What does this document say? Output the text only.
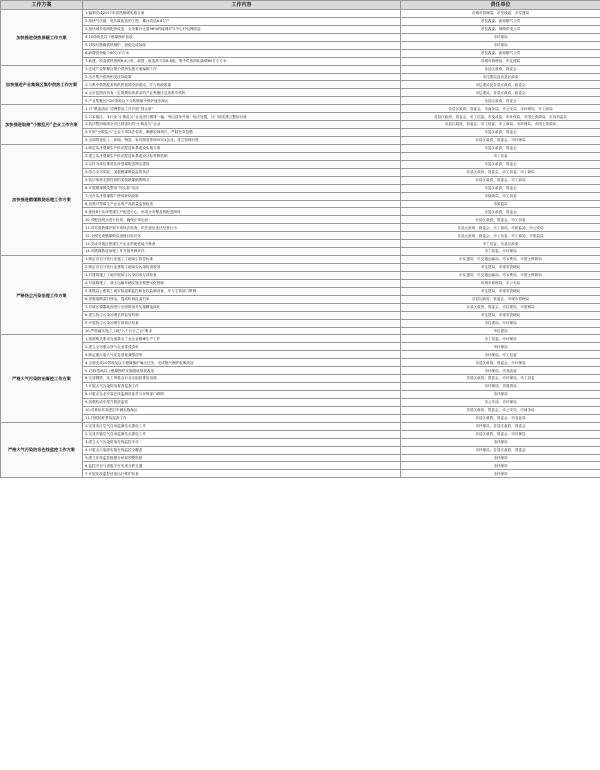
工作方案	工作内容	责任单位
加快推进供热保暖工作方案	1.编制完成2017年供热保暖实施方案	市城市管理局，市发改委，市住建局
	2.加快气代煤、电代煤改造的工程，累计改造6.6万户	市发改委，新奥燃气公司
	3.加快城乡电网配套改造，全市累计完成96%的接网村与中心村电网改造	市发改委，国网供电公司
	4.10蒸吨及以下燃煤锅炉拆改	市环保局
	5.对现有燃煤供热锅炉，督促完成拆改	市环保局
	6.新增供热能力60万平方米	市发改委，新奥燃气公司
	7.新建、改造供热管网8.6公里，新建、改造热力站6.8座，集中供热面积新增60万平方米	市城市管理局，市住建局
加快推进产业集聚区集中供热工作方案	1.完成产业集聚区集中供热实施方案编制工作	各县区政府，管委会
	2.出台集中供热相关扶持政策	市住建局及各县区政府
	3.与集中供热配套的供热管网全部建成，并与热源联通	市住建局及各县区政府，管委会
	4.全市范围内具有一定规模用热需求的产业集聚区完成集中供热	市住建局，各县区政府，管委会
	5.产业集聚区内20蒸吨以下分散燃煤小锅炉逐步淘汰	各县区政府，管委会
加快推进取缔“小散乱污”企业工作方案	1.对“黑加油站”清理整治工作开展“回头看”	各县区政府，管委会，市商务局，市公安局，市环保局，市工商局
	2.对本辖区、本行业“小散乱污”企业进行摸排一遍，列出清单并逐一依法处置，分门别类建立整治台账	各县区政府，管委会，市工信委，市发改委，市环保局，市国土资源局，市食药监局
	3.依法整治取缔全市已排查出的“小散乱污”企业	各县区政府，管委会，市工信委，市工商局，市环保局，市国土资源局
	4.开展“小散乱污”企业专项执法检查，确保取缔到位，严防死灰复燃	各县区政府，管委会
	5.全面排查化工、印刷、铸造、家具制造等涉VOCs企业，建立管理台账	各县区政府，管委会，市环保局
加快推进燃煤散烧治理工作方案	1.制定洁净型煤生产供应配送体系建设实施方案	各县区政府，管委会
	2.建立洁净型煤生产供应配送体系建设目标考核机制	市工信委
	3.以村为单位推进洁净型煤配送网点建设	各县区政府，管委会
	4.结合全市实际，加强燃煤散烧监管执法	各县区政府，管委会，市工信委，市工商局
	5.依法取缔无照经营的劣质散煤销售网点	各县区政府，管委会，市工商局
	6.开展燃煤散烧整治“回头看”活动	各县区政府，管委会
	7.出台洁净型煤推广使用补贴政策	市财政局，市工信委
	8.加强对型煤生产企业的产品质量监督检查	市质监局
	9.建设8个洁净型煤生产配送中心，形成全市覆盖的配送网络	各县区政府，管委会
	10.对配送网点进行检查，确保正常运营	各县区政府，管委会，市工信委
	11.对劣质散煤开展专项执法检查，依法查处违法经营行为	各县区政府，管委会，市工商局，市质监局，市公安局
	12.全面完成燃煤散烧治理目标任务	各县区政府，管委会，市工信委，市工商局，市质监局
	13.完成对辖区型煤生产企业的配送能力核查	市工信委，各县区政府
	14.对燃煤散烧治理工作开展考核评估	市工信委，市环保局
严格扬尘污染治理工作方案	1.制定各自分管行业施工工地扬尘管控标准	市住建局，市交通运输局，市水利局，市国土资源局
	2.制定各自分管行业建筑工地扬尘污染防治规划	市住建局，市城市管理局
	3.对建筑施工工地开展扬尘污染防治专项检查	市住建局，市交通运输局，市水利局，市国土资源局
	4.对道路施工、渣土运输车辆实施全程密闭化管理	市城市管理局，市公安局
	5.规模以上建筑工地安装视频监控和在线监测设备，并与主管部门联网	市住建局，市城市管理局
	6.加强道路清扫保洁，提高机械化清扫率	各县区政府，管委会，市城市管理局
	7.对城区裸露地面进行全面排查并实施覆盖绿化	各县区政府，管委会，市住建局，市园林局
	8.建立扬尘污染治理长效监管机制	市住建局，市城市管理局
	9.开展扬尘污染治理专项执法检查	市住建局，市环保局
	10.严格落实施工工地“六个百分之百”要求	市住建局
严格大气污染防治督控工作方案	1.按照相关要求完成重点工业企业错峰生产工作	市工信委，市环保局
	2.建立全市重点涉气企业排放清单	市环保局
	3.制定重污染天气应急预案减排清单	市环保局，市工信委
	4.全面完成10蒸吨及以下燃煤锅炉淘汰任务，完成燃气锅炉低氮改造	各县区政府，管委会，市环保局
	5.对35蒸吨以上燃煤锅炉实施超低排放改造	市环保局，市发改委
	6.完成钢铁、化工等重点行业无组织排放治理	各县区政府，管委会，市环保局，市工信委
	7.开展大气污染防治督查巡查工作	市环保局，市督查局
	8.对重点企业安装在线监测设备并与环保部门联网	市环保局
	9.加强机动车尾气排放监管	市公安局，市环保局
	10.对黄标车和老旧车辆实施淘汰	各县区政府，管委会，市公安局，市商务局
	11.开展秸秆禁烧巡查工作	各县区政府，管委会，市农业局
严格大气污染防治在线监控工作方案	1.完成市区空气自动监测站点建设工作	市环保局，各县区政府，管委会
	2.完成乡镇空气自动监测站点建设工作	各县区政府，管委会，市环保局
	3.建立大气污染防治在线监控平台	市环保局
	4.对重点污染源实施在线监控全覆盖	市环保局，各县区政府，管委会
	5.建立在线监控数据分析和预警机制	市环保局
	6.监控平台与省级平台实现互联互通	市环保局
	7.开展在线监控设备运行维护检查	市环保局
